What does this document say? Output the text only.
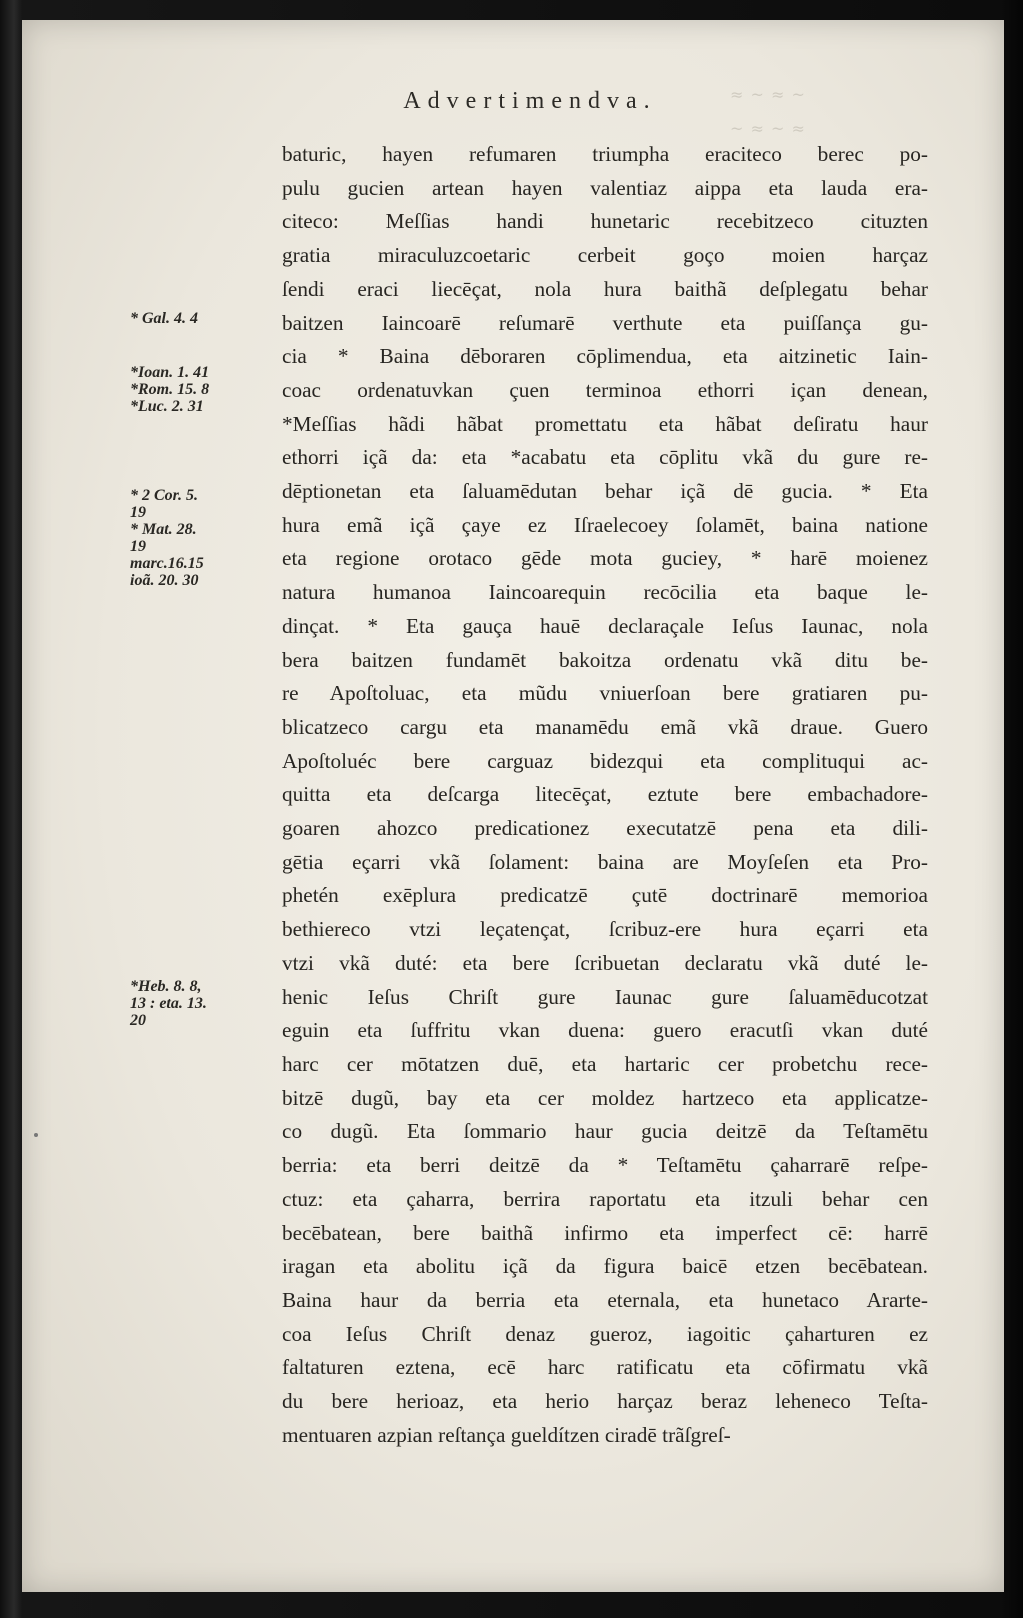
≈ ~ ≈ ~
~ ≈ ~ ≈
Advertimendva.
baturic, hayen refumaren triumpha eraciteco berec po-
pulu gucien artean hayen valentiaz aippa eta lauda era-
citeco: Meſſias handi hunetaric recebitzeco cituzten
gratia miraculuzcoetaric cerbeit goço moien harçaz
ſendi eraci liecēçat, nola hura baithã deſplegatu behar
baitzen Iaincoarē reſumarē verthute eta puiſſança gu-
cia * Baina dēboraren cōplimendua, eta aitzinetic Iain-
coac ordenatuvkan çuen terminoa ethorri içan denean,
*Meſſias hãdi hãbat promettatu eta hãbat deſiratu haur
ethorri içã da: eta *acabatu eta cōplitu vkã du gure re-
dēptionetan eta ſaluamēdutan behar içã dē gucia. * Eta
hura emã içã çaye ez Iſraelecoey ſolamēt, baina natione
eta regione orotaco gēde mota guciey, * harē moienez
natura humanoa Iaincoarequin recōcilia eta baque le-
dinçat. * Eta gauça hauē declaraçale Ieſus Iaunac, nola
bera baitzen fundamēt bakoitza ordenatu vkã ditu be-
re Apoſtoluac, eta mũdu vniuerſoan bere gratiaren pu-
blicatzeco cargu eta manamēdu emã vkã draue. Guero
Apoſtoluéc bere carguaz bidezqui eta complituqui ac-
quitta eta deſcarga litecēçat, eztute bere embachadore-
goaren ahozco predicationez executatzē pena eta dili-
gētia eçarri vkã ſolament: baina are Moyſeſen eta Pro-
phetén exēplura predicatzē çutē doctrinarē memorioa
bethiereco vtzi leçatençat, ſcribuz-ere hura eçarri eta
vtzi vkã duté: eta bere ſcribuetan declaratu vkã duté le-
henic Ieſus Chriſt gure Iaunac gure ſaluamēducotzat
eguin eta ſuffritu vkan duena: guero eracutſi vkan duté
harc cer mōtatzen duē, eta hartaric cer probetchu rece-
bitzē dugũ, bay eta cer moldez hartzeco eta applicatze-
co dugũ. Eta ſommario haur gucia deitzē da Teſtamētu
berria: eta berri deitzē da * Teſtamētu çaharrarē reſpe-
ctuz: eta çaharra, berrira raportatu eta itzuli behar cen
becēbatean, bere baithã infirmo eta imperfect cē: harrē
iragan eta abolitu içã da figura baicē etzen becēbatean.
Baina haur da berria eta eternala, eta hunetaco Ararte-
coa Ieſus Chriſt denaz gueroz, iagoitic çaharturen ez
faltaturen eztena, ecē harc ratificatu eta cōfirmatu vkã
du bere herioaz, eta herio harçaz beraz leheneco Teſta-
mentuaren azpian reſtança gueldítzen ciradē trãſgreſ-
* Gal. 4. 4
*Ioan. 1. 41
*Rom. 15. 8
*Luc. 2. 31
* 2 Cor. 5.
19
* Mat. 28.
19
marc.16.15
ioã. 20. 30
*Heb. 8. 8,
13 : eta. 13.
20
